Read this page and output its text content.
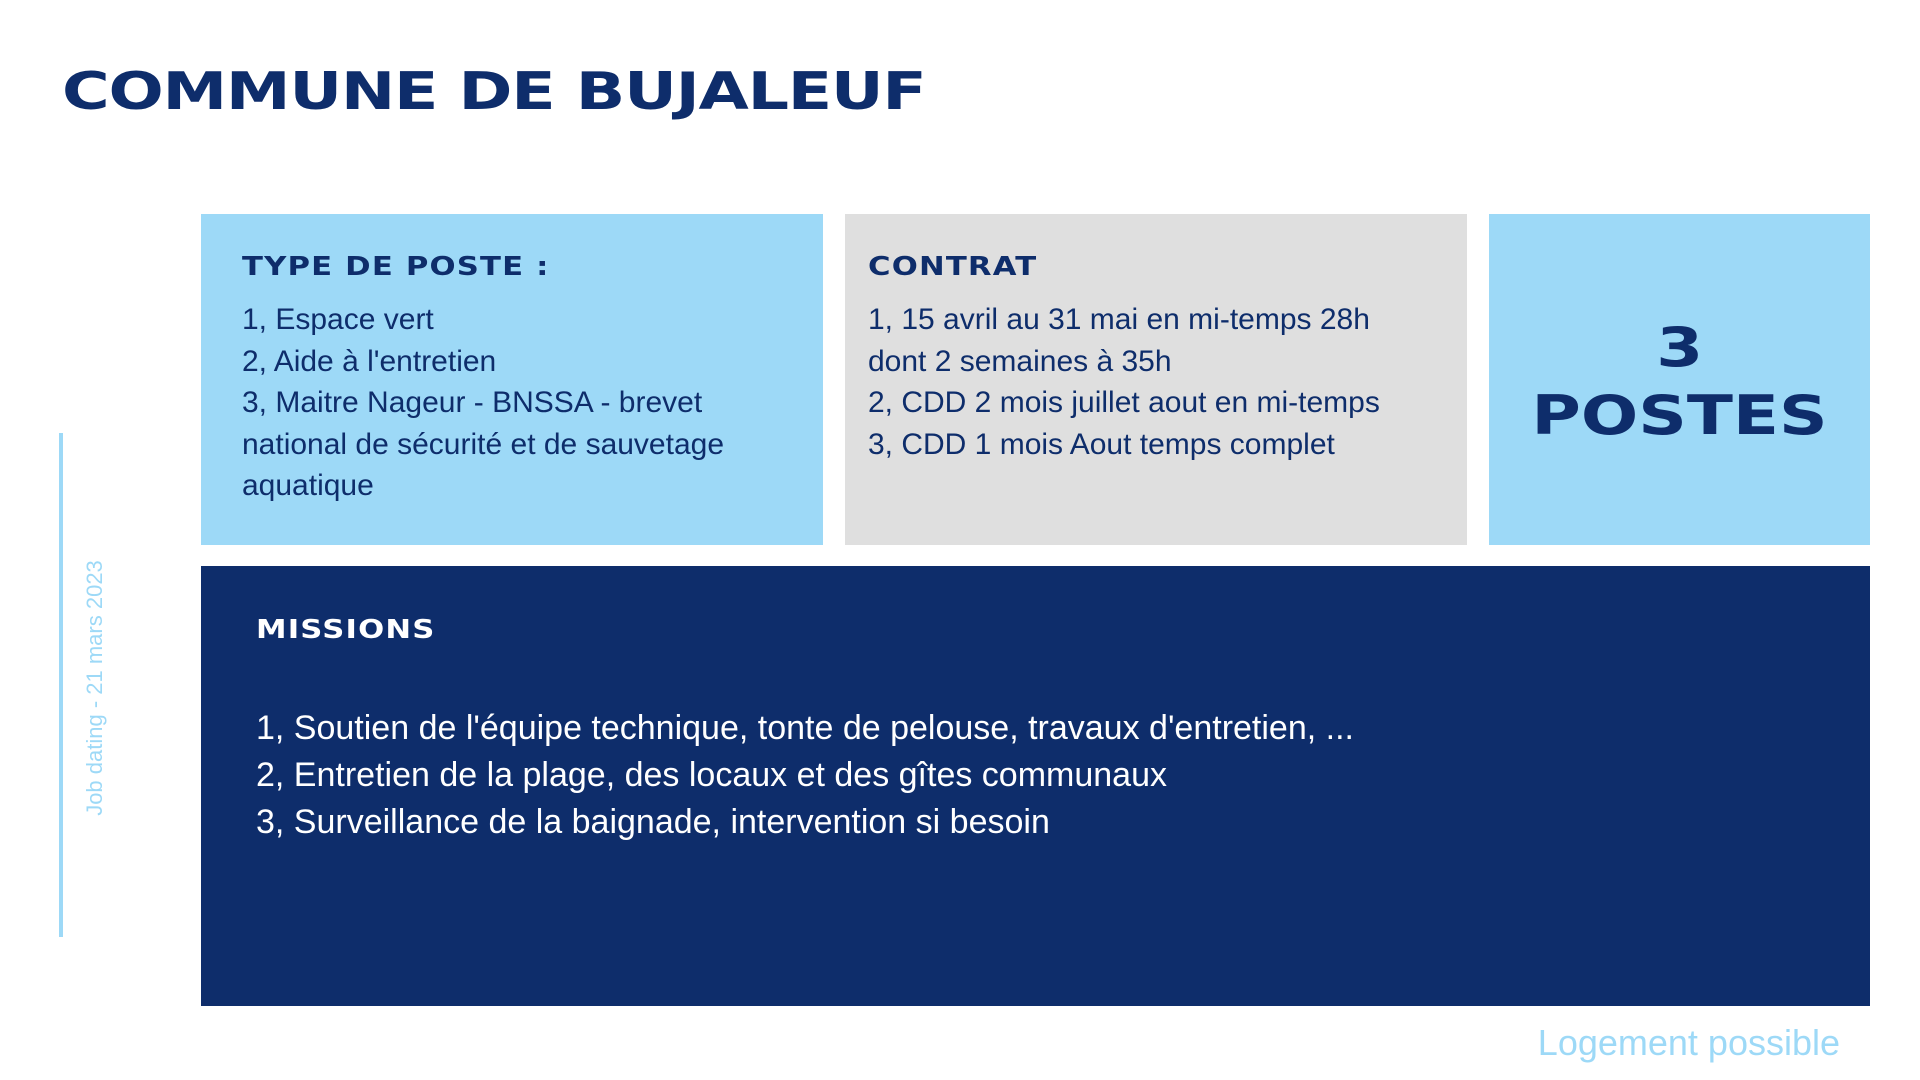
COMMUNE DE BUJALEUF
Job dating - 21 mars 2023
TYPE DE POSTE :
1, Espace vert
2, Aide à l'entretien
3, Maitre Nageur - BNSSA - brevet national de sécurité et de sauvetage aquatique
CONTRAT
1, 15 avril au 31 mai en mi-temps 28h dont 2 semaines à 35h
2, CDD 2 mois juillet aout en mi-temps
3, CDD 1 mois Aout temps complet
3
POSTES
MISSIONS
1, Soutien de l'équipe technique, tonte de pelouse, travaux d'entretien, ...
2, Entretien de la plage, des locaux et des gîtes communaux
3, Surveillance de la baignade, intervention si besoin
Logement possible
